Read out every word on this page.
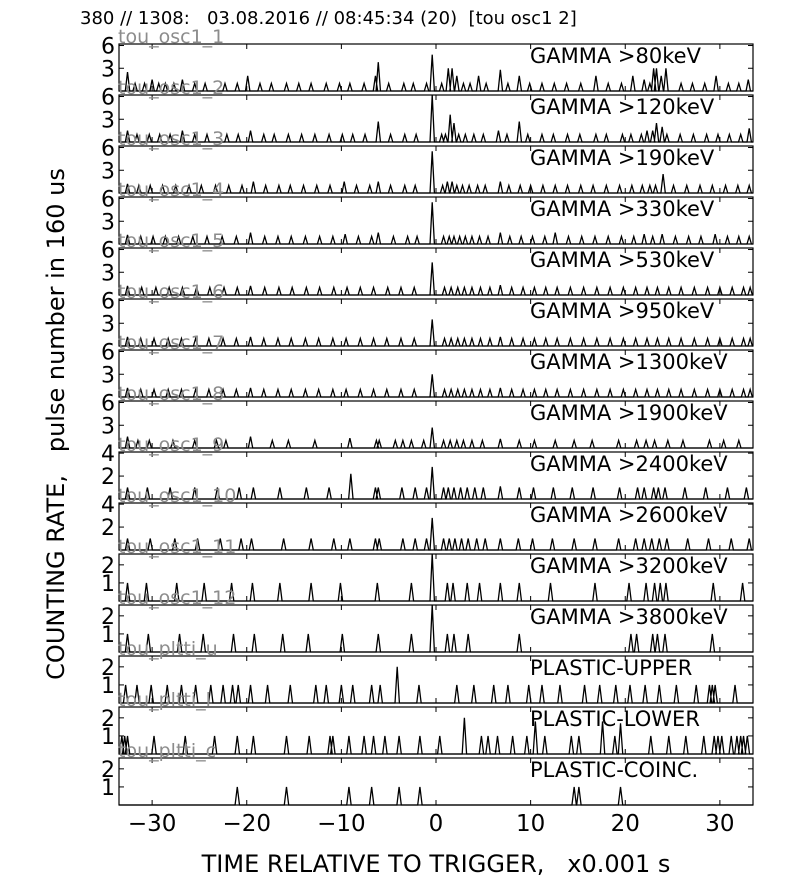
380 // 1308:   03.08.2016 // 08:45:34 (20)  [tou osc1 2]
COUNTING RATE,   pulse number in 160 us
TIME RELATIVE TO TRIGGER,   x0.001 s
3
6	GAMMA >80keV
tou_osc1_1
3
6	GAMMA >120keV
tou_osc1_2
3
6	GAMMA >190keV
tou_osc1_3
3
6	GAMMA >330keV
tou_osc1_4
3
6	GAMMA >530keV
tou_osc1_5
3
6	GAMMA >950keV
tou_osc1_6
3
6	GAMMA >1300keV
tou_osc1_7
3
6	GAMMA >1900keV
tou_osc1_8
2
4	GAMMA >2400keV
tou_osc1_9
2
4	GAMMA >2600keV
tou_osc1_10
1
2	GAMMA >3200keV
tou_osc1_11
1
2	GAMMA >3800keV
tou_osc1_12
1
2	PLASTIC-UPPER
tou_pltti_u
1
2	PLASTIC-LOWER
tou_pltti_l
1
2	PLASTIC-COINC.
tou_pltti_c
−30 −20 −10	0	10	20	30
